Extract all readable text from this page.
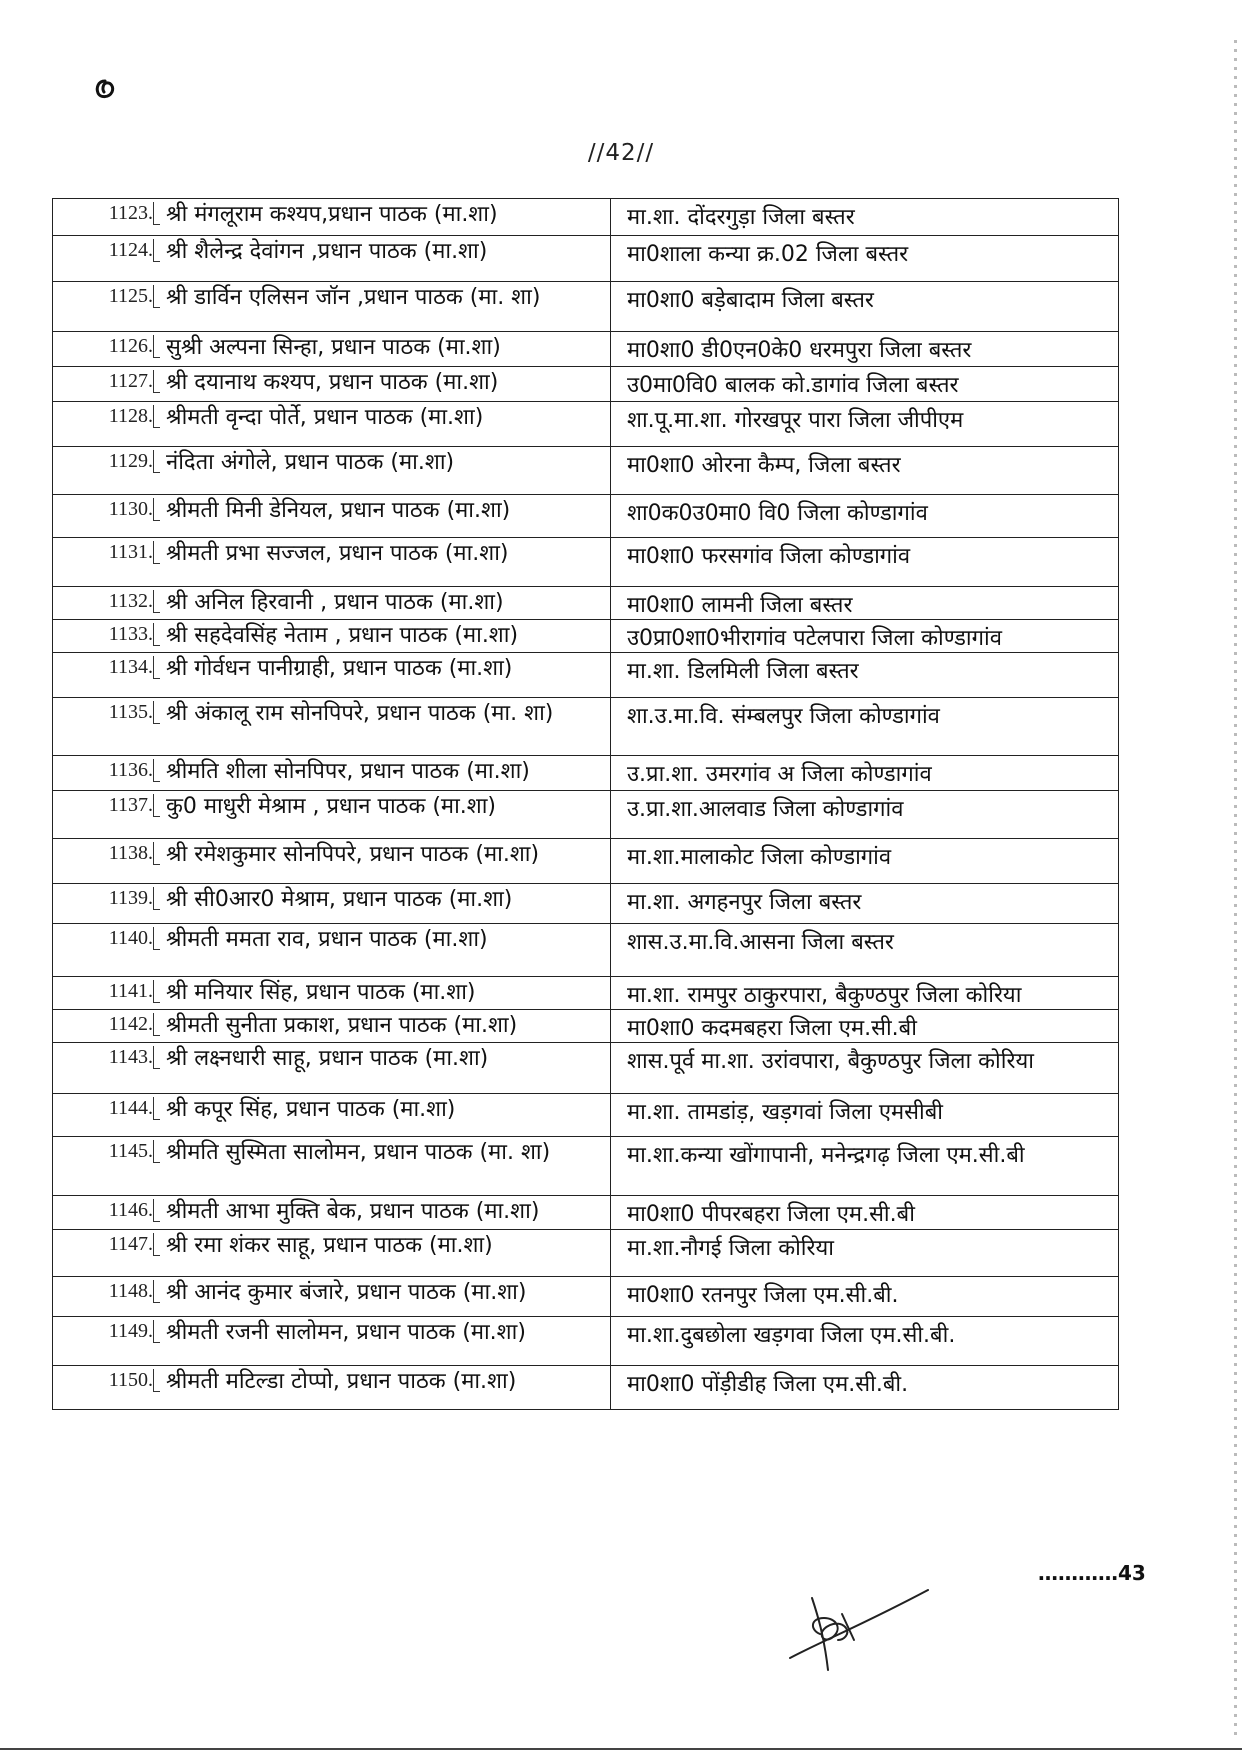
//42//
1123. श्री मंगलूराम कश्यप,प्रधान पाठक (मा.शा)	मा.शा. दोंदरगुड़ा जिला बस्तर

1124. श्री शैलेन्द्र देवांगन ,प्रधान पाठक (मा.शा)	मा0शाला कन्या क्र.02 जिला बस्तर

1125. श्री डार्विन एलिसन जॉन ,प्रधान पाठक (मा. शा)	मा0शा0 बड़ेबादाम जिला बस्तर

1126. सुश्री अल्पना सिन्हा, प्रधान पाठक (मा.शा)	मा0शा0 डी0एन0के0 धरमपुरा जिला बस्तर

1127. श्री दयानाथ कश्यप, प्रधान पाठक (मा.शा)	उ0मा0वि0 बालक को.डागांव जिला बस्तर

1128. श्रीमती वृन्दा पोर्ते, प्रधान पाठक (मा.शा)	शा.पू.मा.शा. गोरखपूर पारा जिला जीपीएम

1129. नंदिता अंगोले, प्रधान पाठक (मा.शा)	मा0शा0 ओरना कैम्प, जिला बस्तर

1130. श्रीमती मिनी डेनियल, प्रधान पाठक (मा.शा)	शा0क0उ0मा0 वि0 जिला कोण्डागांव

1131. श्रीमती प्रभा सज्जल, प्रधान पाठक (मा.शा)	मा0शा0 फरसगांव जिला कोण्डागांव

1132. श्री अनिल हिरवानी , प्रधान पाठक (मा.शा)	मा0शा0 लामनी जिला बस्तर

1133. श्री सहदेवसिंह नेताम , प्रधान पाठक (मा.शा)	उ0प्रा0शा0भीरागांव पटेलपारा जिला कोण्डागांव

1134. श्री गोर्वधन पानीग्राही, प्रधान पाठक (मा.शा)	मा.शा. डिलमिली जिला बस्तर

1135. श्री अंकालू राम सोनपिपरे, प्रधान पाठक (मा. शा)	शा.उ.मा.वि. संम्बलपुर जिला कोण्डागांव

1136. श्रीमति शीला सोनपिपर, प्रधान पाठक (मा.शा)	उ.प्रा.शा. उमरगांव अ जिला कोण्डागांव

1137. कु0 माधुरी मेश्राम , प्रधान पाठक (मा.शा)	उ.प्रा.शा.आलवाड जिला कोण्डागांव

1138. श्री रमेशकुमार सोनपिपरे, प्रधान पाठक (मा.शा)	मा.शा.मालाकोट जिला कोण्डागांव

1139. श्री सी0आर0 मेश्राम, प्रधान पाठक (मा.शा)	मा.शा. अगहनपुर जिला बस्तर

1140. श्रीमती ममता राव, प्रधान पाठक (मा.शा)	शास.उ.मा.वि.आसना जिला बस्तर

1141. श्री मनियार सिंह, प्रधान पाठक (मा.शा)	मा.शा. रामपुर ठाकुरपारा, बैकुण्ठपुर जिला कोरिया

1142. श्रीमती सुनीता प्रकाश, प्रधान पाठक (मा.शा)	मा0शा0 कदमबहरा जिला एम.सी.बी

1143. श्री लक्ष्नधारी साहू, प्रधान पाठक (मा.शा)	शास.पूर्व मा.शा. उरांवपारा, बैकुण्ठपुर जिला कोरिया

1144. श्री कपूर सिंह, प्रधान पाठक (मा.शा)	मा.शा. तामडांड़, खड़गवां जिला एमसीबी

1145. श्रीमति सुस्मिता सालोमन, प्रधान पाठक (मा. शा)	मा.शा.कन्या खोंगापानी, मनेन्द्रगढ़ जिला एम.सी.बी

1146. श्रीमती आभा मुक्ति बेक, प्रधान पाठक (मा.शा)	मा0शा0 पीपरबहरा जिला एम.सी.बी

1147. श्री रमा शंकर साहू, प्रधान पाठक (मा.शा)	मा.शा.नौगई जिला कोरिया

1148. श्री आनंद कुमार बंजारे, प्रधान पाठक (मा.शा)	मा0शा0 रतनपुर जिला एम.सी.बी.

1149. श्रीमती रजनी सालोमन, प्रधान पाठक (मा.शा)	मा.शा.दुबछोला खड़गवा जिला एम.सी.बी.

1150. श्रीमती मटिल्डा टोप्पो, प्रधान पाठक (मा.शा)	मा0शा0 पोंड़ीडीह जिला एम.सी.बी.
…………43
